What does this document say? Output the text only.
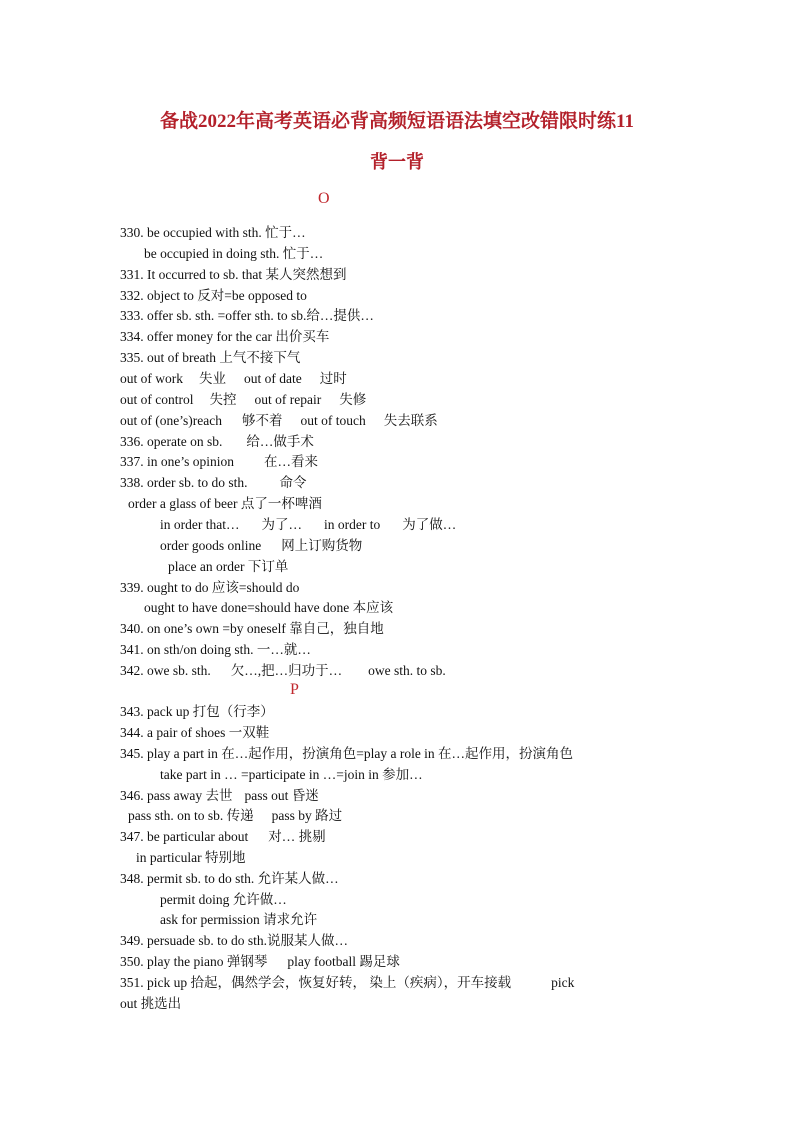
备战2022年高考英语必背高频短语语法填空改错限时练11
背一背
O
P
330. be occupied with sth. 忙于…
be occupied in doing sth. 忙于…
331. It occurred to sb. that 某人突然想到
332. object to 反对=be opposed to
333. offer sb. sth. =offer sth. to sb.给…提供…
334. offer money for the car 出价买车
335. out of breath 上气不接下气
out of work 失业 out of date 过时
out of control 失控 out of repair 失修
out of (one’s)reach 够不着 out of touch 失去联系
336. operate on sb. 给…做手术
337. in one’s opinion 在…看来
338. order sb. to do sth. 命令
order a glass of beer 点了一杯啤酒
in order that… 为了… in order to 为了做…
order goods online 网上订购货物
place an order 下订单
339. ought to do 应该=should do
ought to have done=should have done 本应该
340. on one’s own =by oneself 靠自己，独自地
341. on sth/on doing sth. 一…就…
342. owe sb. sth. 欠…,把…归功于… owe sth. to sb.
343. pack up 打包（行李）
344. a pair of shoes 一双鞋
345. play a part in 在…起作用，扮演角色=play a role in 在…起作用，扮演角色
take part in … =participate in …=join in 参加…
346. pass away 去世 pass out 昏迷
pass sth. on to sb. 传递 pass by 路过
347. be particular about 对… 挑剔
in particular 特别地
348. permit sb. to do sth. 允许某人做…
permit doing 允许做…
ask for permission 请求允许
349. persuade sb. to do sth.说服某人做…
350. play the piano 弹钢琴 play football 踢足球
351. pick up 拾起，偶然学会，恢复好转， 染上（疾病），开车接载	pick
out 挑选出
